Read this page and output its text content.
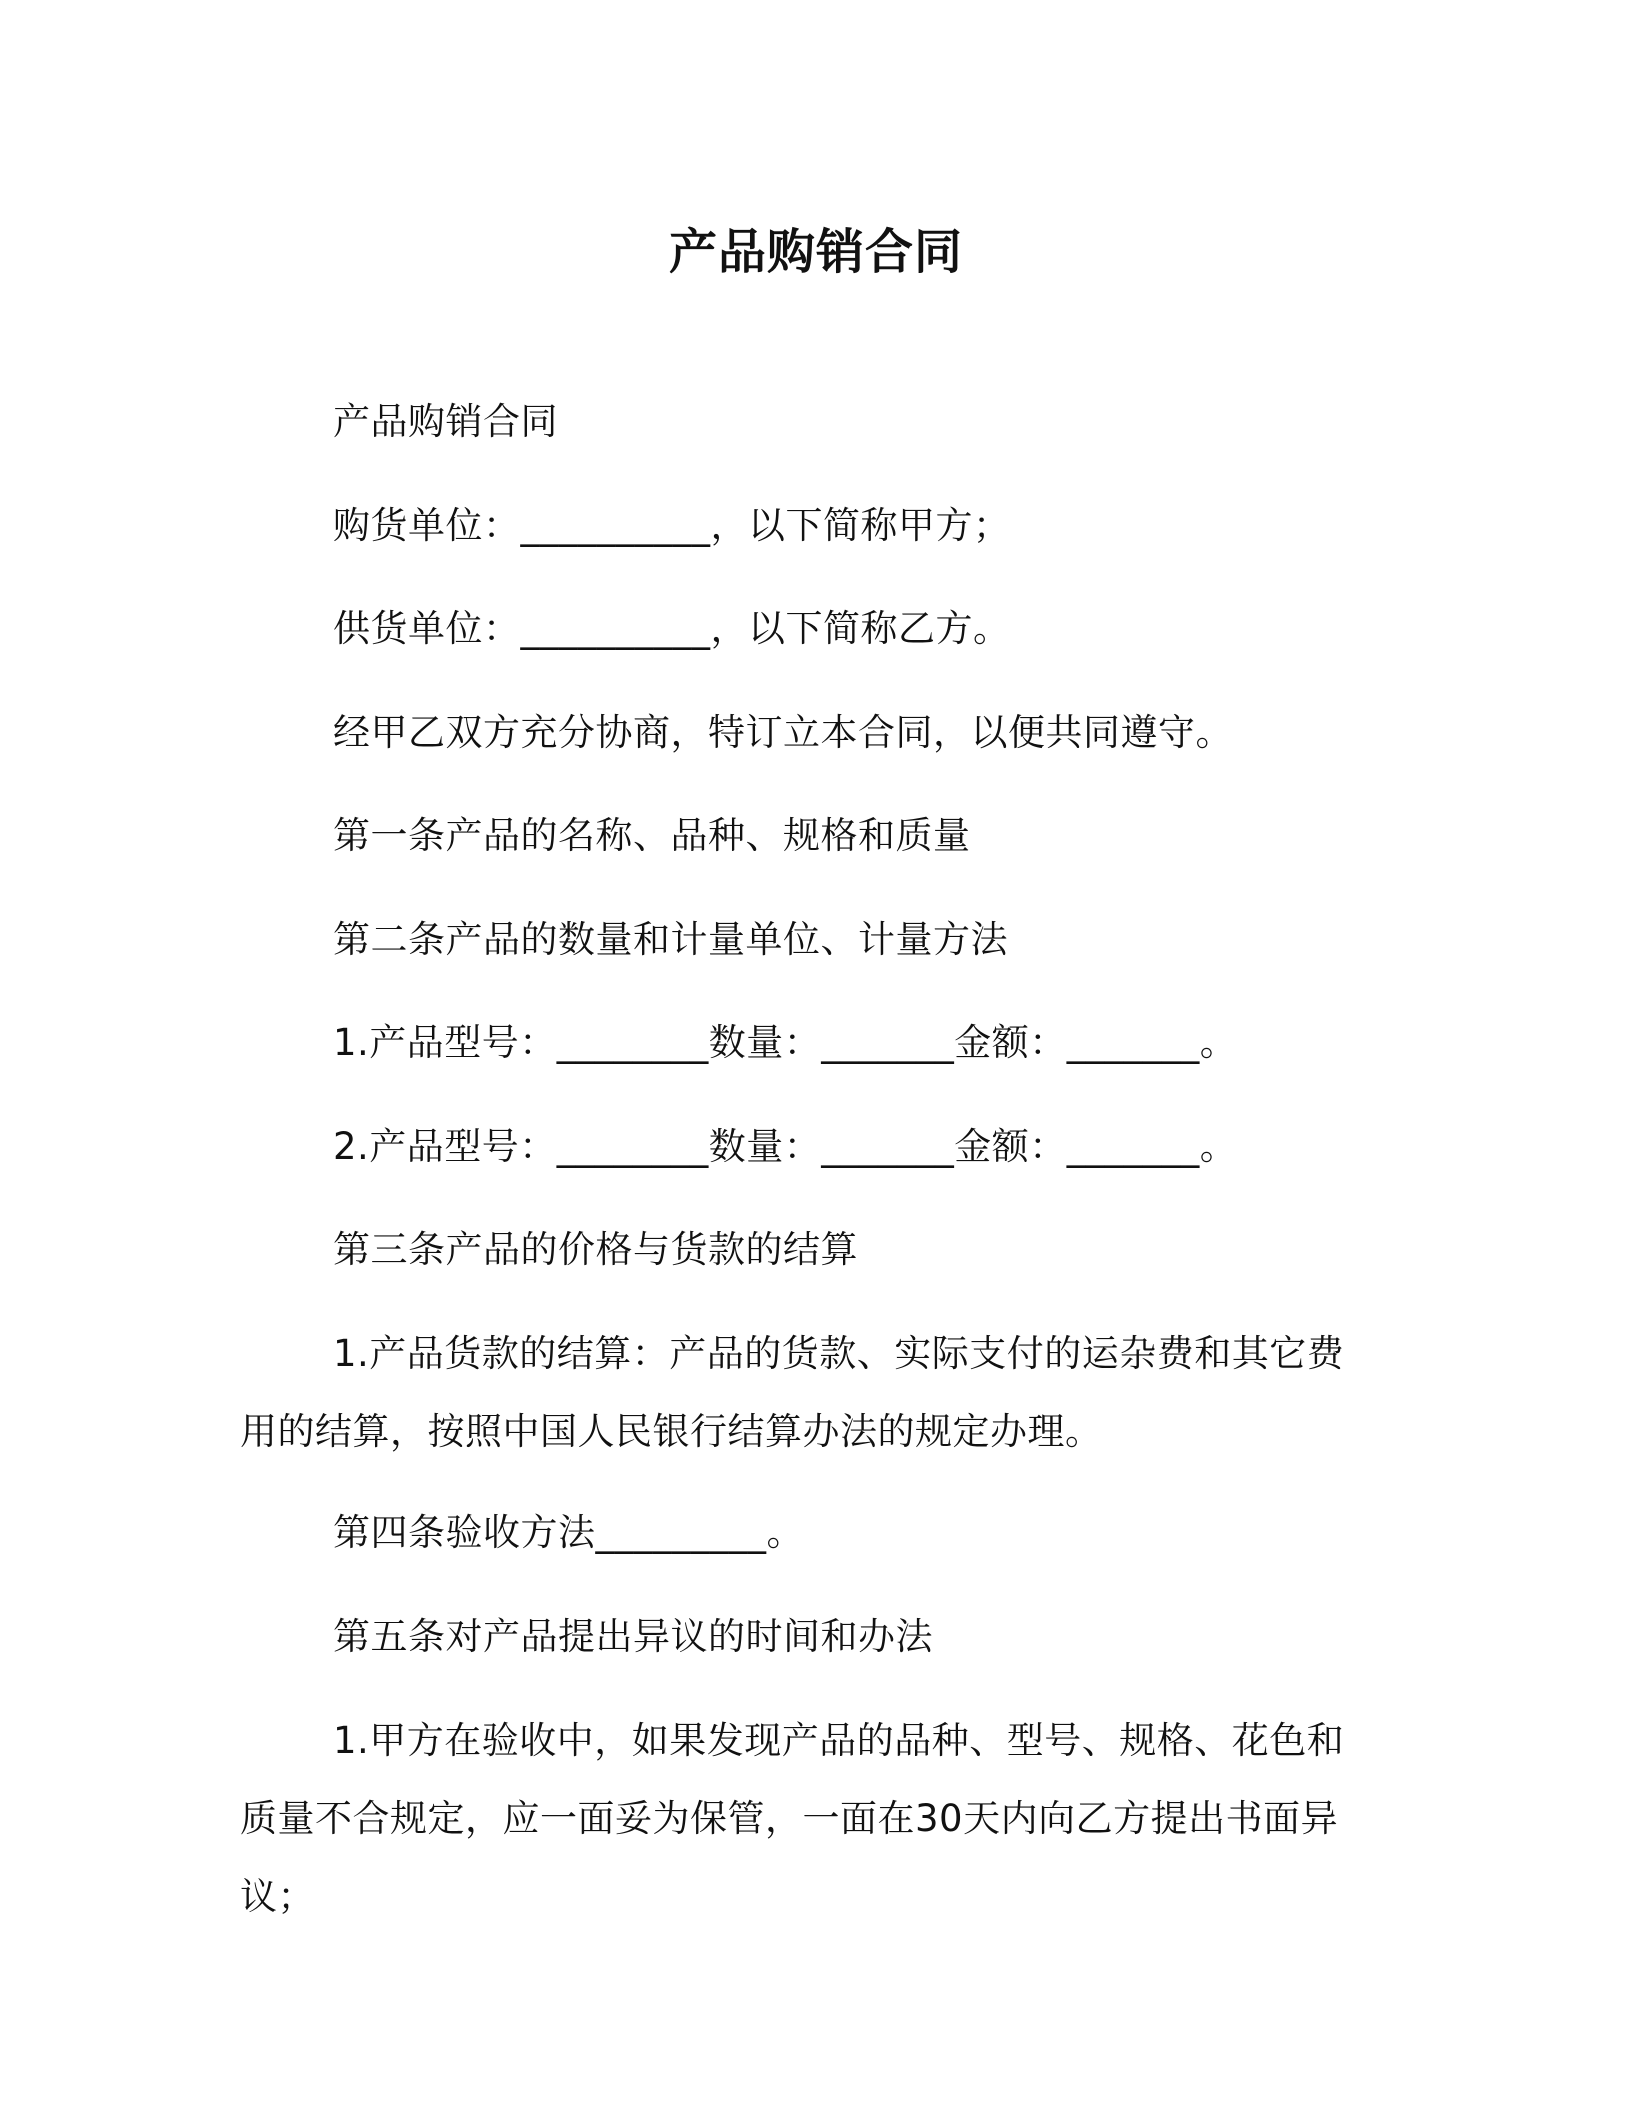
产品购销合同
产品购销合同
购货单位：__________，以下简称甲方；
供货单位：__________，以下简称乙方。
经甲乙双方充分协商，特订立本合同，以便共同遵守。
第一条产品的名称、品种、规格和质量
第二条产品的数量和计量单位、计量方法
1.产品型号：________数量：_______金额：_______。
2.产品型号：________数量：_______金额：_______。
第三条产品的价格与货款的结算
1.产品货款的结算：产品的货款、实际支付的运杂费和其它费用的结算，按照中国人民银行结算办法的规定办理。
第四条验收方法_________。
第五条对产品提出异议的时间和办法
1.甲方在验收中，如果发现产品的品种、型号、规格、花色和质量不合规定，应一面妥为保管，一面在30天内向乙方提出书面异议；
